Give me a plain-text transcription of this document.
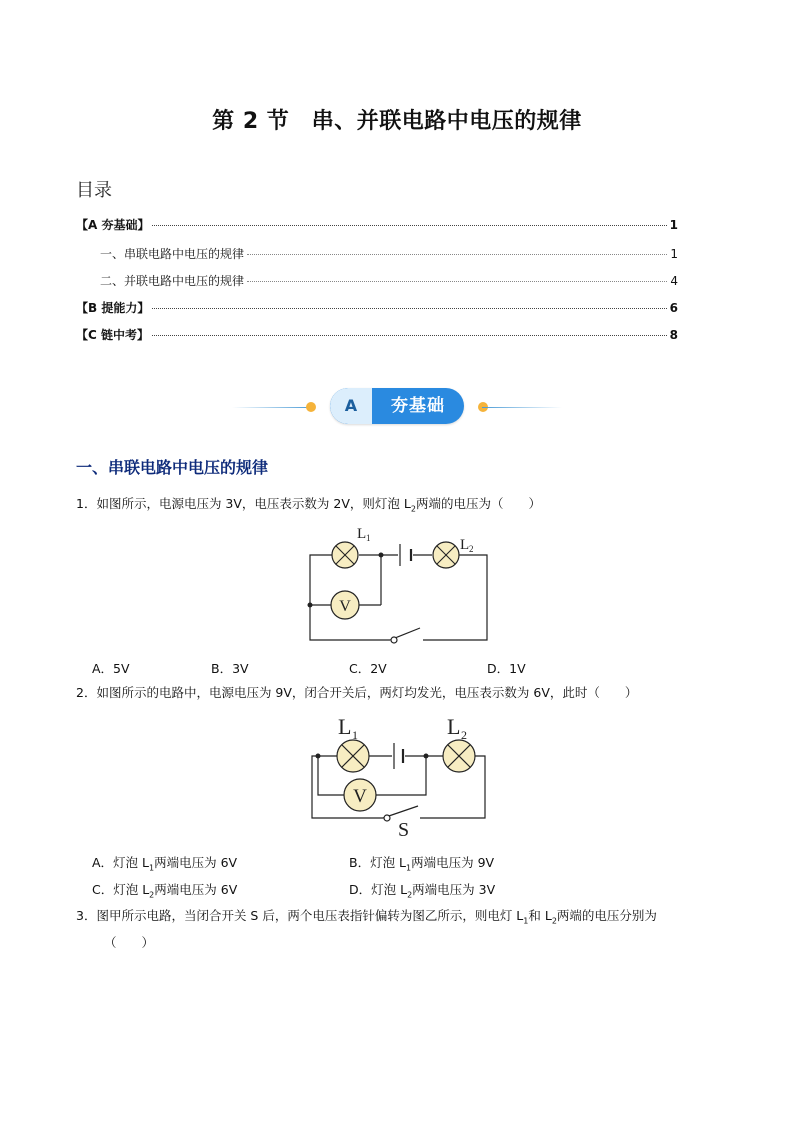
第 2 节　串、并联电路中电压的规律
目录
【A 夯基础】	1
一、串联电路中电压的规律	1
二、并联电路中电压的规律	4
【B 提能力】	6
【C 链中考】	8
A	夯基础
一、串联电路中电压的规律
1．如图所示，电源电压为 3V，电压表示数为 2V，则灯泡 $L_2$两端的电压为（　　）
V
L 1	L 2
A．5V	B．3V	C．2V	D．1V
2．如图所示的电路中，电源电压为 9V，闭合开关后，两灯均发光，电压表示数为 6V，此时（　　）
V
L 1	L 2
S
A．灯泡 $L_1$两端电压为 6V	B．灯泡 $L_1$两端电压为 9V
C．灯泡 $L_2$两端电压为 6V	D．灯泡 $L_2$两端电压为 3V
3．图甲所示电路，当闭合开关 S 后，两个电压表指针偏转为图乙所示，则电灯 $L_1$和 $L_2$两端的电压分别为
（　　）
